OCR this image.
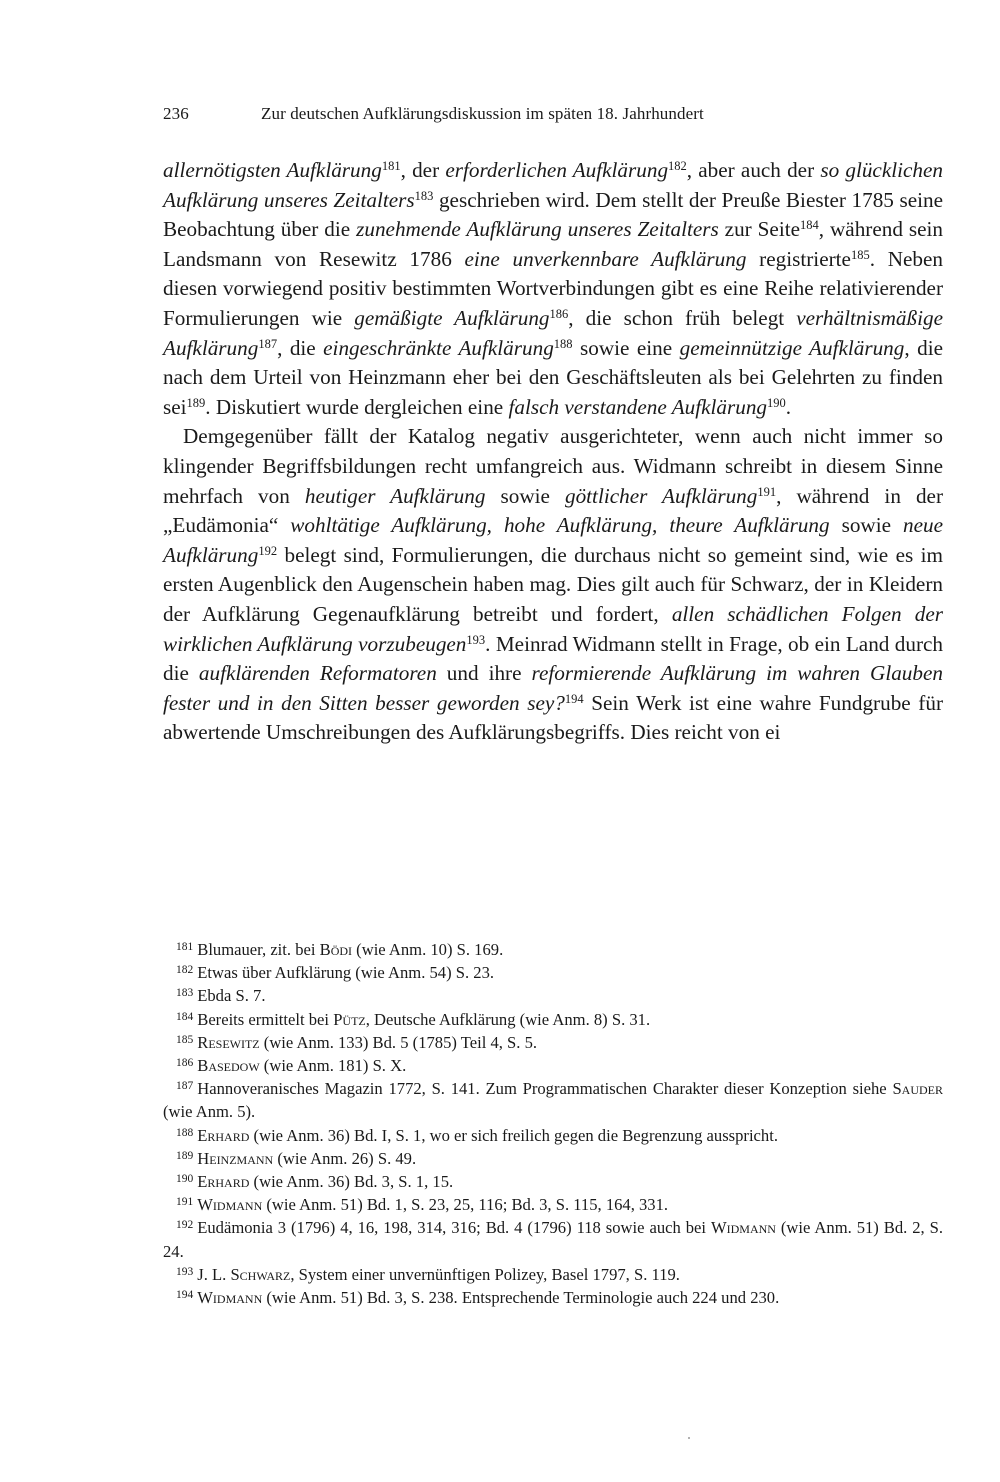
236	Zur deutschen Aufklärungsdiskussion im späten 18. Jahrhundert

allernötigsten Aufklärung$^{181}$, der erforderlichen Aufklärung$^{182}$, aber auch der so glücklichen Aufklärung unseres Zeitalters$^{183}$ geschrieben wird. Dem stellt der Preuße Biester 1785 seine Beobachtung über die zunehmende Aufklärung unseres Zeitalters zur Seite$^{184}$, während sein Landsmann von Resewitz 1786 eine unverkennbare Aufklärung registrierte$^{185}$. Neben diesen vorwiegend positiv bestimmten Wortverbindungen gibt es eine Reihe relativierender Formulierungen wie gemäßigte Aufklärung$^{186}$, die schon früh belegt verhältnismäßige Aufklärung$^{187}$, die eingeschränkte Aufklärung$^{188}$ sowie eine gemeinnützige Aufklärung, die nach dem Urteil von Heinzmann eher bei den Geschäftsleuten als bei Gelehrten zu finden sei$^{189}$. Diskutiert wurde dergleichen eine falsch verstandene Aufklärung$^{190}$.

Demgegenüber fällt der Katalog negativ ausgerichteter, wenn auch nicht immer so klingender Begriffsbildungen recht umfangreich aus. Widmann schreibt in diesem Sinne mehrfach von heutiger Aufklärung sowie göttlicher Aufklärung$^{191}$, während in der „Eudämonia“ wohltätige Aufklärung, hohe Aufklärung, theure Aufklärung sowie neue Aufklärung$^{192}$ belegt sind, Formulierungen, die durchaus nicht so gemeint sind, wie es im ersten Augenblick den Augenschein haben mag. Dies gilt auch für Schwarz, der in Kleidern der Aufklärung Gegenaufklärung betreibt und fordert, allen schädlichen Folgen der wirklichen Aufklärung vorzubeugen$^{193}$. Meinrad Widmann stellt in Frage, ob ein Land durch die aufklärenden Reformatoren und ihre reformierende Aufklärung im wahren Glauben fester und in den Sitten besser geworden sey?$^{194}$ Sein Werk ist eine wahre Fundgrube für abwertende Umschreibungen des Aufklärungsbegriffs. Dies reicht von ei

$^{181}$ Blumauer, zit. bei Bödi (wie Anm. 10) S. 169.

$^{182}$ Etwas über Aufklärung (wie Anm. 54) S. 23.

$^{183}$ Ebda S. 7.

$^{184}$ Bereits ermittelt bei Pütz, Deutsche Aufklärung (wie Anm. 8) S. 31.

$^{185}$ Resewitz (wie Anm. 133) Bd. 5 (1785) Teil 4, S. 5.

$^{186}$ Basedow (wie Anm. 181) S. X.

$^{187}$ Hannoveranisches Magazin 1772, S. 141. Zum Programmatischen Charakter dieser Konzeption siehe Sauder (wie Anm. 5).

$^{188}$ Erhard (wie Anm. 36) Bd. I, S. 1, wo er sich freilich gegen die Begrenzung ausspricht.

$^{189}$ Heinzmann (wie Anm. 26) S. 49.

$^{190}$ Erhard (wie Anm. 36) Bd. 3, S. 1, 15.

$^{191}$ Widmann (wie Anm. 51) Bd. 1, S. 23, 25, 116; Bd. 3, S. 115, 164, 331.

$^{192}$ Eudämonia 3 (1796) 4, 16, 198, 314, 316; Bd. 4 (1796) 118 sowie auch bei Widmann (wie Anm. 51) Bd. 2, S. 24.

$^{193}$ J. L. Schwarz, System einer unvernünftigen Polizey, Basel 1797, S. 119.

$^{194}$ Widmann (wie Anm. 51) Bd. 3, S. 238. Entsprechende Terminologie auch 224 und 230.
